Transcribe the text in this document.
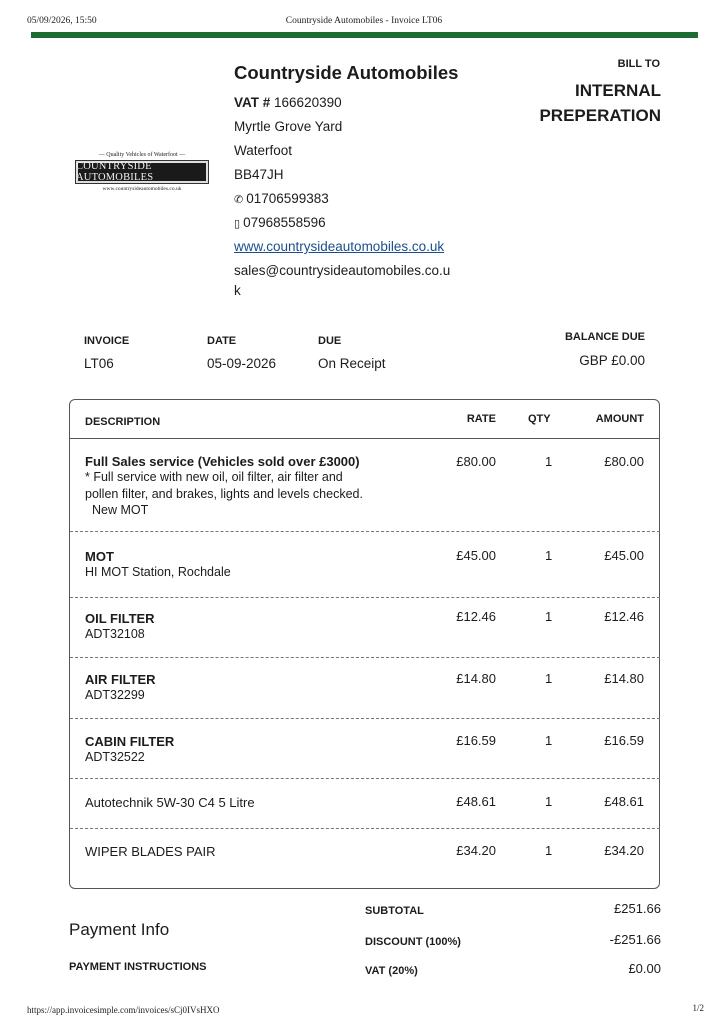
05/09/2026, 15:50	Countryside Automobiles - Invoice LT06
— Quality Vehicles of Waterfoot —
COUNTRYSIDE AUTOMOBILES
www.countrysideautomobiles.co.uk
Countryside Automobiles
VAT # 166620390
Myrtle Grove Yard
Waterfoot
BB47JH
✆ 01706599383
▯ 07968558596
www.countrysideautomobiles.co.uk
sales@countrysideautomobiles.co.u
k
BILL TO
INTERNAL
PREPERATION
INVOICE
LT06
DATE
05-09-2026
DUE
On Receipt
BALANCE DUE
GBP £0.00
DESCRIPTION	RATE	QTY	AMOUNT
Full Sales service (Vehicles sold over £3000)
* Full service with new oil, oil filter, air filter and
pollen filter, and brakes, lights and levels checked.
New MOT
£80.00	1	£80.00
MOT
HI MOT Station, Rochdale
£45.00	1	£45.00
OIL FILTER
ADT32108
£12.46	1	£12.46
AIR FILTER
ADT32299
£14.80	1	£14.80
CABIN FILTER
ADT32522
£16.59	1	£16.59
Autotechnik 5W-30 C4 5 Litre	£48.61	1	£48.61
WIPER BLADES PAIR	£34.20	1	£34.20
Payment Info
PAYMENT INSTRUCTIONS
SUBTOTAL	£251.66
DISCOUNT (100%)	-£251.66
VAT (20%)	£0.00
https://app.invoicesimple.com/invoices/sCj0IVsHXO	1/2
